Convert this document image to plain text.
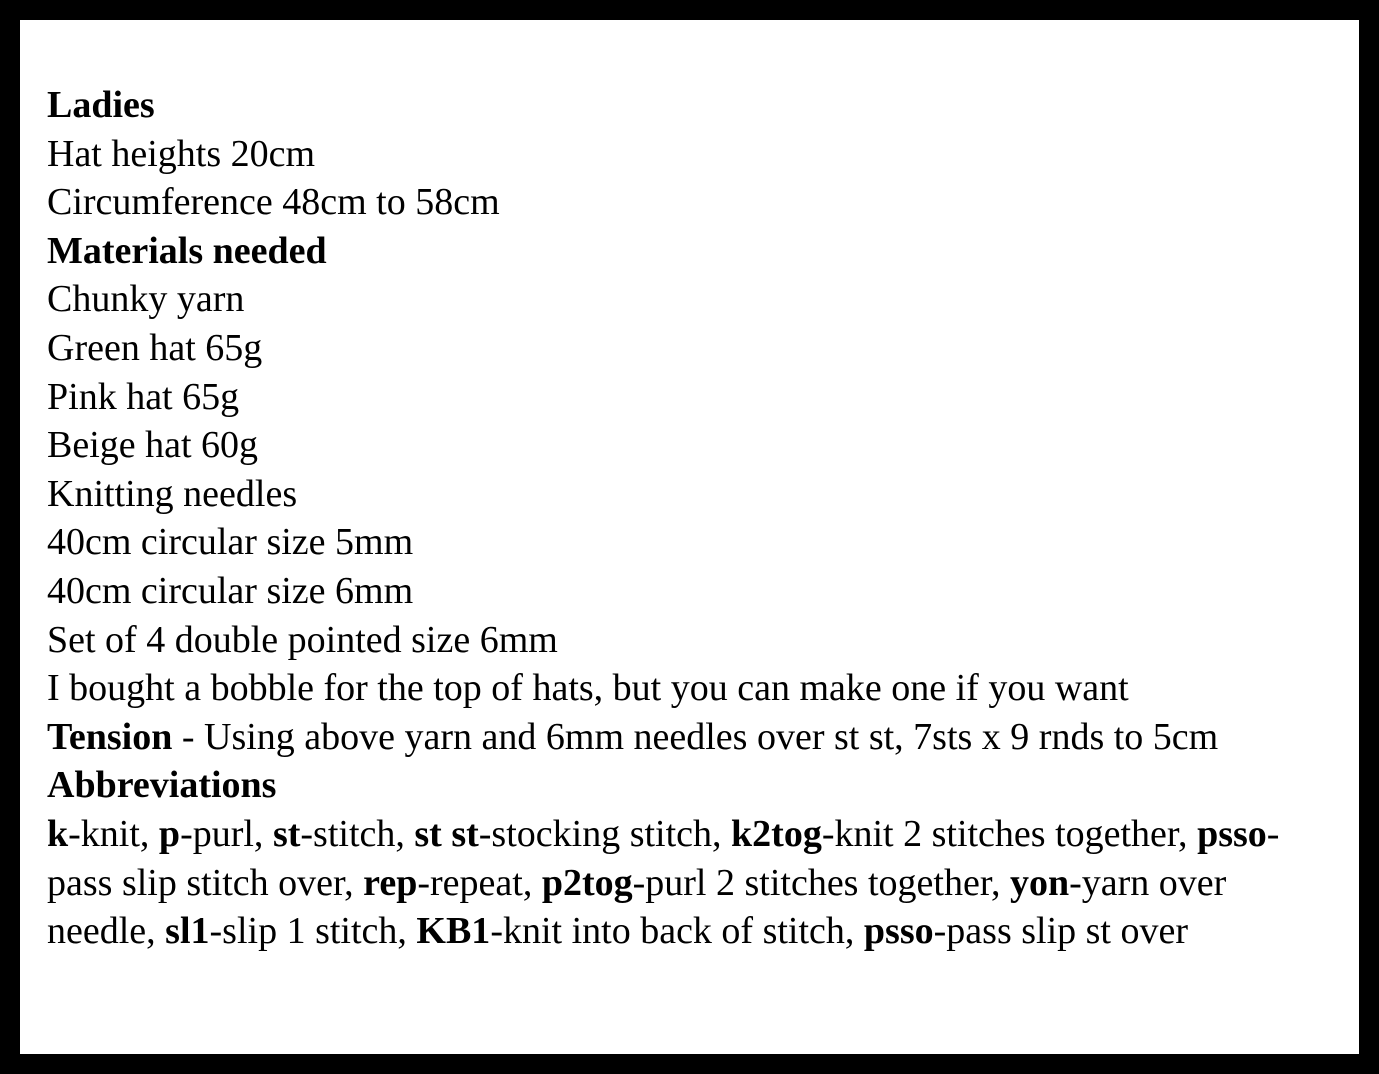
Ladies
Hat heights 20cm
Circumference 48cm to 58cm
Materials needed
Chunky yarn
Green hat 65g
Pink hat 65g
Beige hat 60g
Knitting needles
40cm circular size 5mm
40cm circular size 6mm
Set of 4 double pointed size 6mm
I bought a bobble for the top of hats, but you can make one if you want
Tension - Using above yarn and 6mm needles over st st, 7sts x 9 rnds to 5cm
Abbreviations
k-knit, p-purl, st-stitch, st st-stocking stitch, k2tog-knit 2 stitches together, psso-pass slip stitch over, rep-repeat, p2tog-purl 2 stitches together, yon-yarn over needle, sl1-slip 1 stitch, KB1-knit into back of stitch, psso-pass slip st over
